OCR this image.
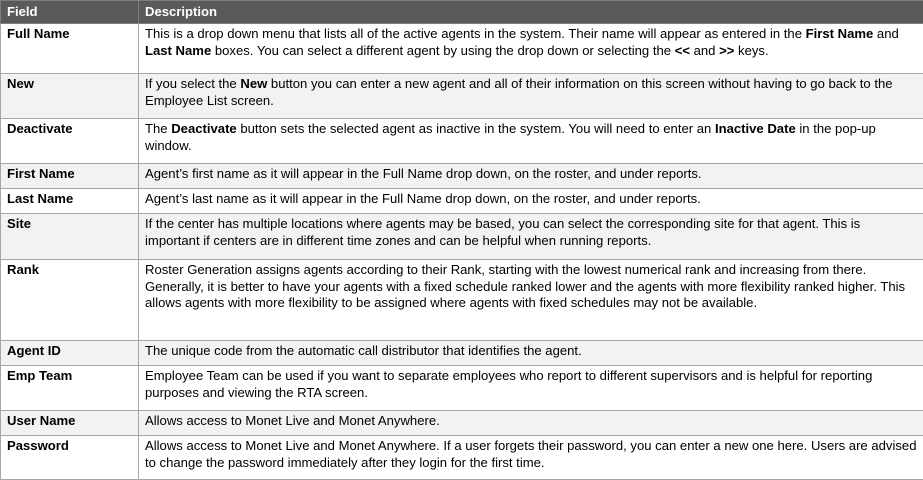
Field	Description
Full Name	This is a drop down menu that lists all of the active agents in the system. Their name will appear as entered in the First Name and Last Name boxes. You can select a different agent by using the drop down or selecting the << and >> keys.
New	If you select the New button you can enter a new agent and all of their information on this screen without having to go back to the Employee List screen.
Deactivate	The Deactivate button sets the selected agent as inactive in the system. You will need to enter an Inactive Date in the pop-up window.
First Name	Agent’s first name as it will appear in the Full Name drop down, on the roster, and under reports.
Last Name	Agent’s last name as it will appear in the Full Name drop down, on the roster, and under reports.
Site	If the center has multiple locations where agents may be based, you can select the corresponding site for that agent. This is important if centers are in different time zones and can be helpful when running reports.
Rank	Roster Generation assigns agents according to their Rank, starting with the lowest numerical rank and increasing from there. Generally, it is better to have your agents with a fixed schedule ranked lower and the agents with more flexibility ranked higher. This allows agents with more flexibility to be assigned where agents with fixed schedules may not be available.
Agent ID	The unique code from the automatic call distributor that identifies the agent.
Emp Team	Employee Team can be used if you want to separate employees who report to different supervisors and is helpful for reporting purposes and viewing the RTA screen.
User Name	Allows access to Monet Live and Monet Anywhere.
Password	Allows access to Monet Live and Monet Anywhere. If a user forgets their password, you can enter a new one here. Users are advised to change the password immediately after they login for the first time.
